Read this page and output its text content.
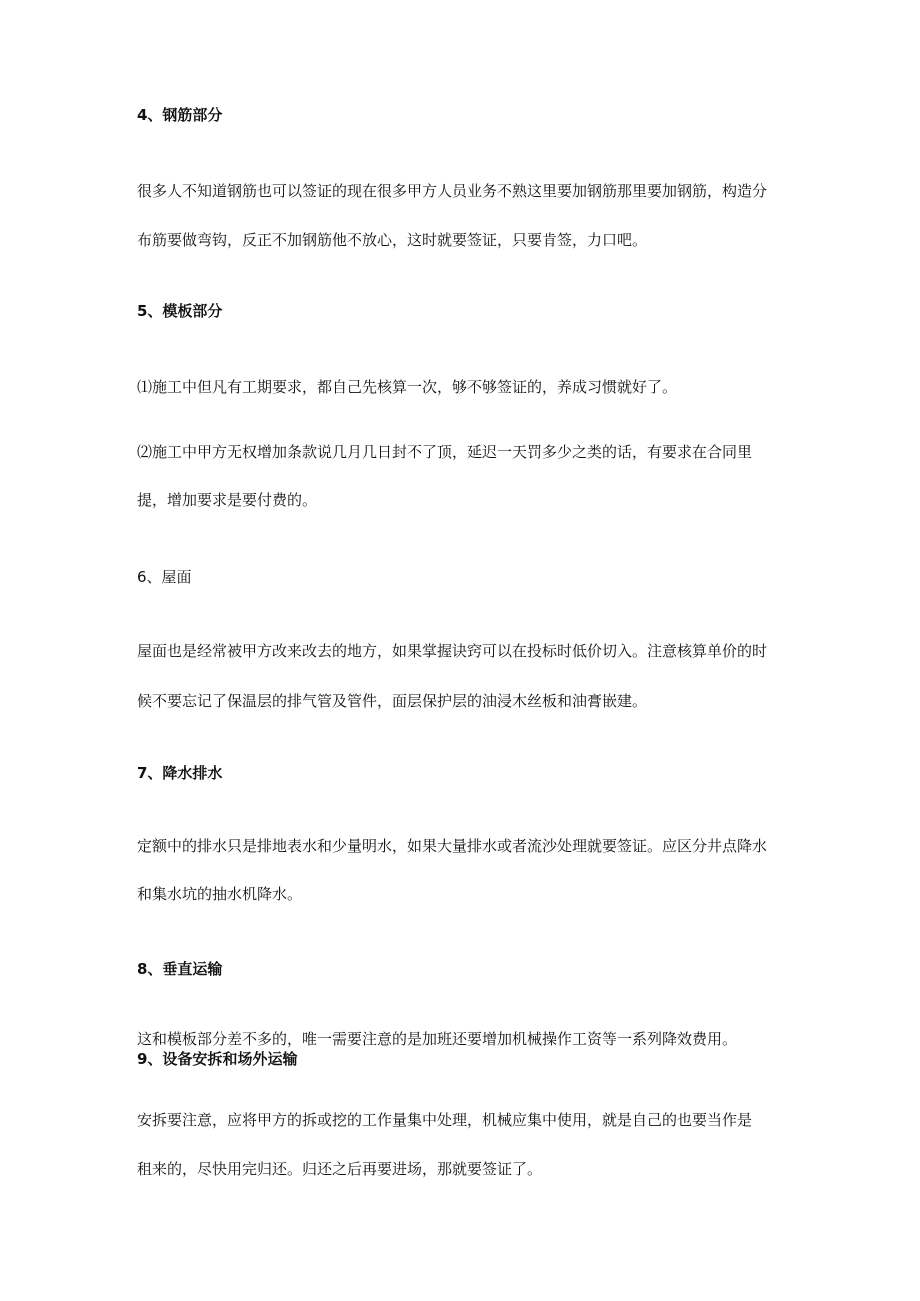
4、钢筋部分
很多人不知道钢筋也可以签证的现在很多甲方人员业务不熟这里要加钢筋那里要加钢筋，构造分
布筋要做弯钩，反正不加钢筋他不放心，这时就要签证，只要肯签，力口吧。
5、模板部分
⑴施工中但凡有工期要求，都自己先核算一次，够不够签证的，养成习惯就好了。
⑵施工中甲方无权增加条款说几月几日封不了顶，延迟一天罚多少之类的话，有要求在合同里
提，增加要求是要付费的。
6、屋面
屋面也是经常被甲方改来改去的地方，如果掌握诀窍可以在投标时低价切入。注意核算单价的时
候不要忘记了保温层的排气管及管件，面层保护层的油浸木丝板和油膏嵌建。
7、降水排水
定额中的排水只是排地表水和少量明水，如果大量排水或者流沙处理就要签证。应区分井点降水
和集水坑的抽水机降水。
8、垂直运输
这和模板部分差不多的，唯一需要注意的是加班还要增加机械操作工资等一系列降效费用。
9、设备安拆和场外运输
安拆要注意，应将甲方的拆或挖的工作量集中处理，机械应集中使用，就是自己的也要当作是
租来的，尽快用完归还。归还之后再要进场，那就要签证了。
